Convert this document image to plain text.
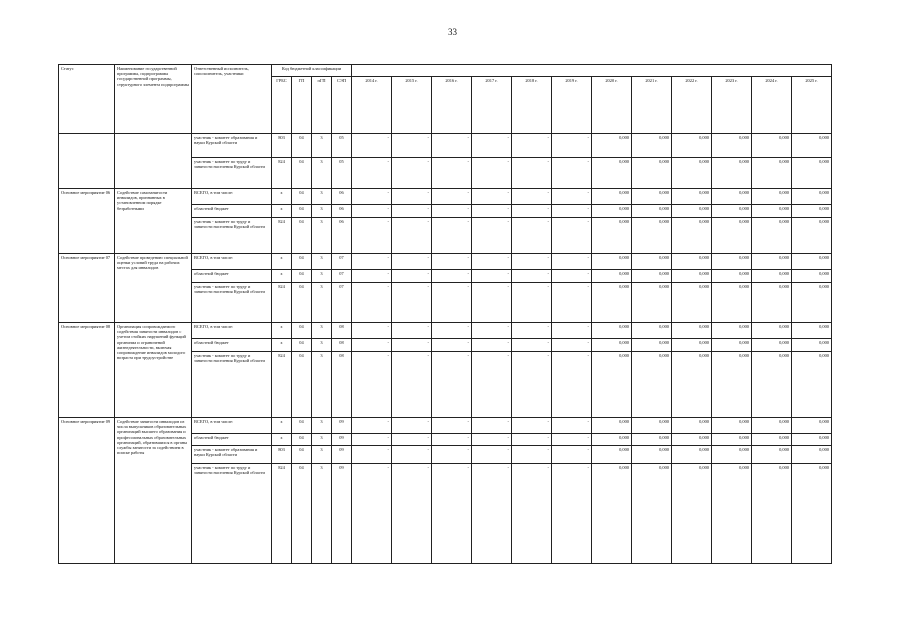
33
Статус	Наименование государственной программы, подпрограммы государственной программы, структурного элемента подпрограммы	Ответственный исполнитель, соисполнитель, участники	Код бюджетной классификации															
			ГРБС	ГП	пГП	СЭП	2014 г.	2015 г.	2016 г.	2017 г.	2018 г.	2019 г.	2020 г.	2021 г.	2022 г.	2023 г.	2024 г.	2025 г.
		участник - комитет образования и науки Курской области	803	04	3	05	-	-	-	-	-	-	0,000	0,000	0,000	0,000	0,000	0,000
		участник - комитет по труду и занятости населения Курской области	824	04	3	05	-	-	-	-	-	-	0,000	0,000	0,000	0,000	0,000	0,000
Основное мероприятие 06	Содействие самозанятости инвалидов, признанных в установленном порядке безработными	ВСЕГО, в том числе:	x	04	3	06	-	-	-	-	-	-	0,000	0,000	0,000	0,000	0,000	0,000
		областной бюджет	x	04	3	06	-	-	-	-	-	-	0,000	0,000	0,000	0,000	0,000	0,000
		участник - комитет по труду и занятости населения Курской области	824	04	3	06	-	-	-	-	-	-	0,000	0,000	0,000	0,000	0,000	0,000
Основное мероприятие 07	Содействие проведению специальной оценки условий труда на рабочих местах для инвалидов	ВСЕГО, в том числе:	x	04	3	07	-	-	-	-	-	-	0,000	0,000	0,000	0,000	0,000	0,000
		областной бюджет	x	04	3	07	-	-	-	-	-	-	0,000	0,000	0,000	0,000	0,000	0,000
		участник - комитет по труду и занятости населения Курской области	824	04	3	07	-	-	-	-	-	-	0,000	0,000	0,000	0,000	0,000	0,000
Основное мероприятие 08	Организация сопровождаемого содействия занятости инвалидов с учетом стойких нарушений функций организма и ограничений жизнедеятельности, включая сопровождение инвалидов молодого возраста при трудоустройстве	ВСЕГО, в том числе:	x	04	3	08	-	-	-	-	-	-	0,000	0,000	0,000	0,000	0,000	0,000
		областной бюджет	x	04	3	08	-	-	-	-	-	-	0,000	0,000	0,000	0,000	0,000	0,000
		участник - комитет по труду и занятости населения Курской области	824	04	3	08	-	-	-	-	-	-	0,000	0,000	0,000	0,000	0,000	0,000
Основное мероприятие 09	Содействие занятости инвалидов из числа выпускников образовательных организаций высшего образования и профессиональных образовательных организаций, обратившихся в органы службы занятости за содействием в поиске работы	ВСЕГО, в том числе:	x	04	3	09	-	-	-	-	-	-	0,000	0,000	0,000	0,000	0,000	0,000
		областной бюджет	x	04	3	09	-	-	-	-	-	-	0,000	0,000	0,000	0,000	0,000	0,000
		участник - комитет образования и науки Курской области	803	04	3	09	-	-	-	-	-	-	0,000	0,000	0,000	0,000	0,000	0,000
		участник - комитет по труду и занятости населения Курской области	824	04	3	09	-	-	-	-	-	-	0,000	0,000	0,000	0,000	0,000	0,000
